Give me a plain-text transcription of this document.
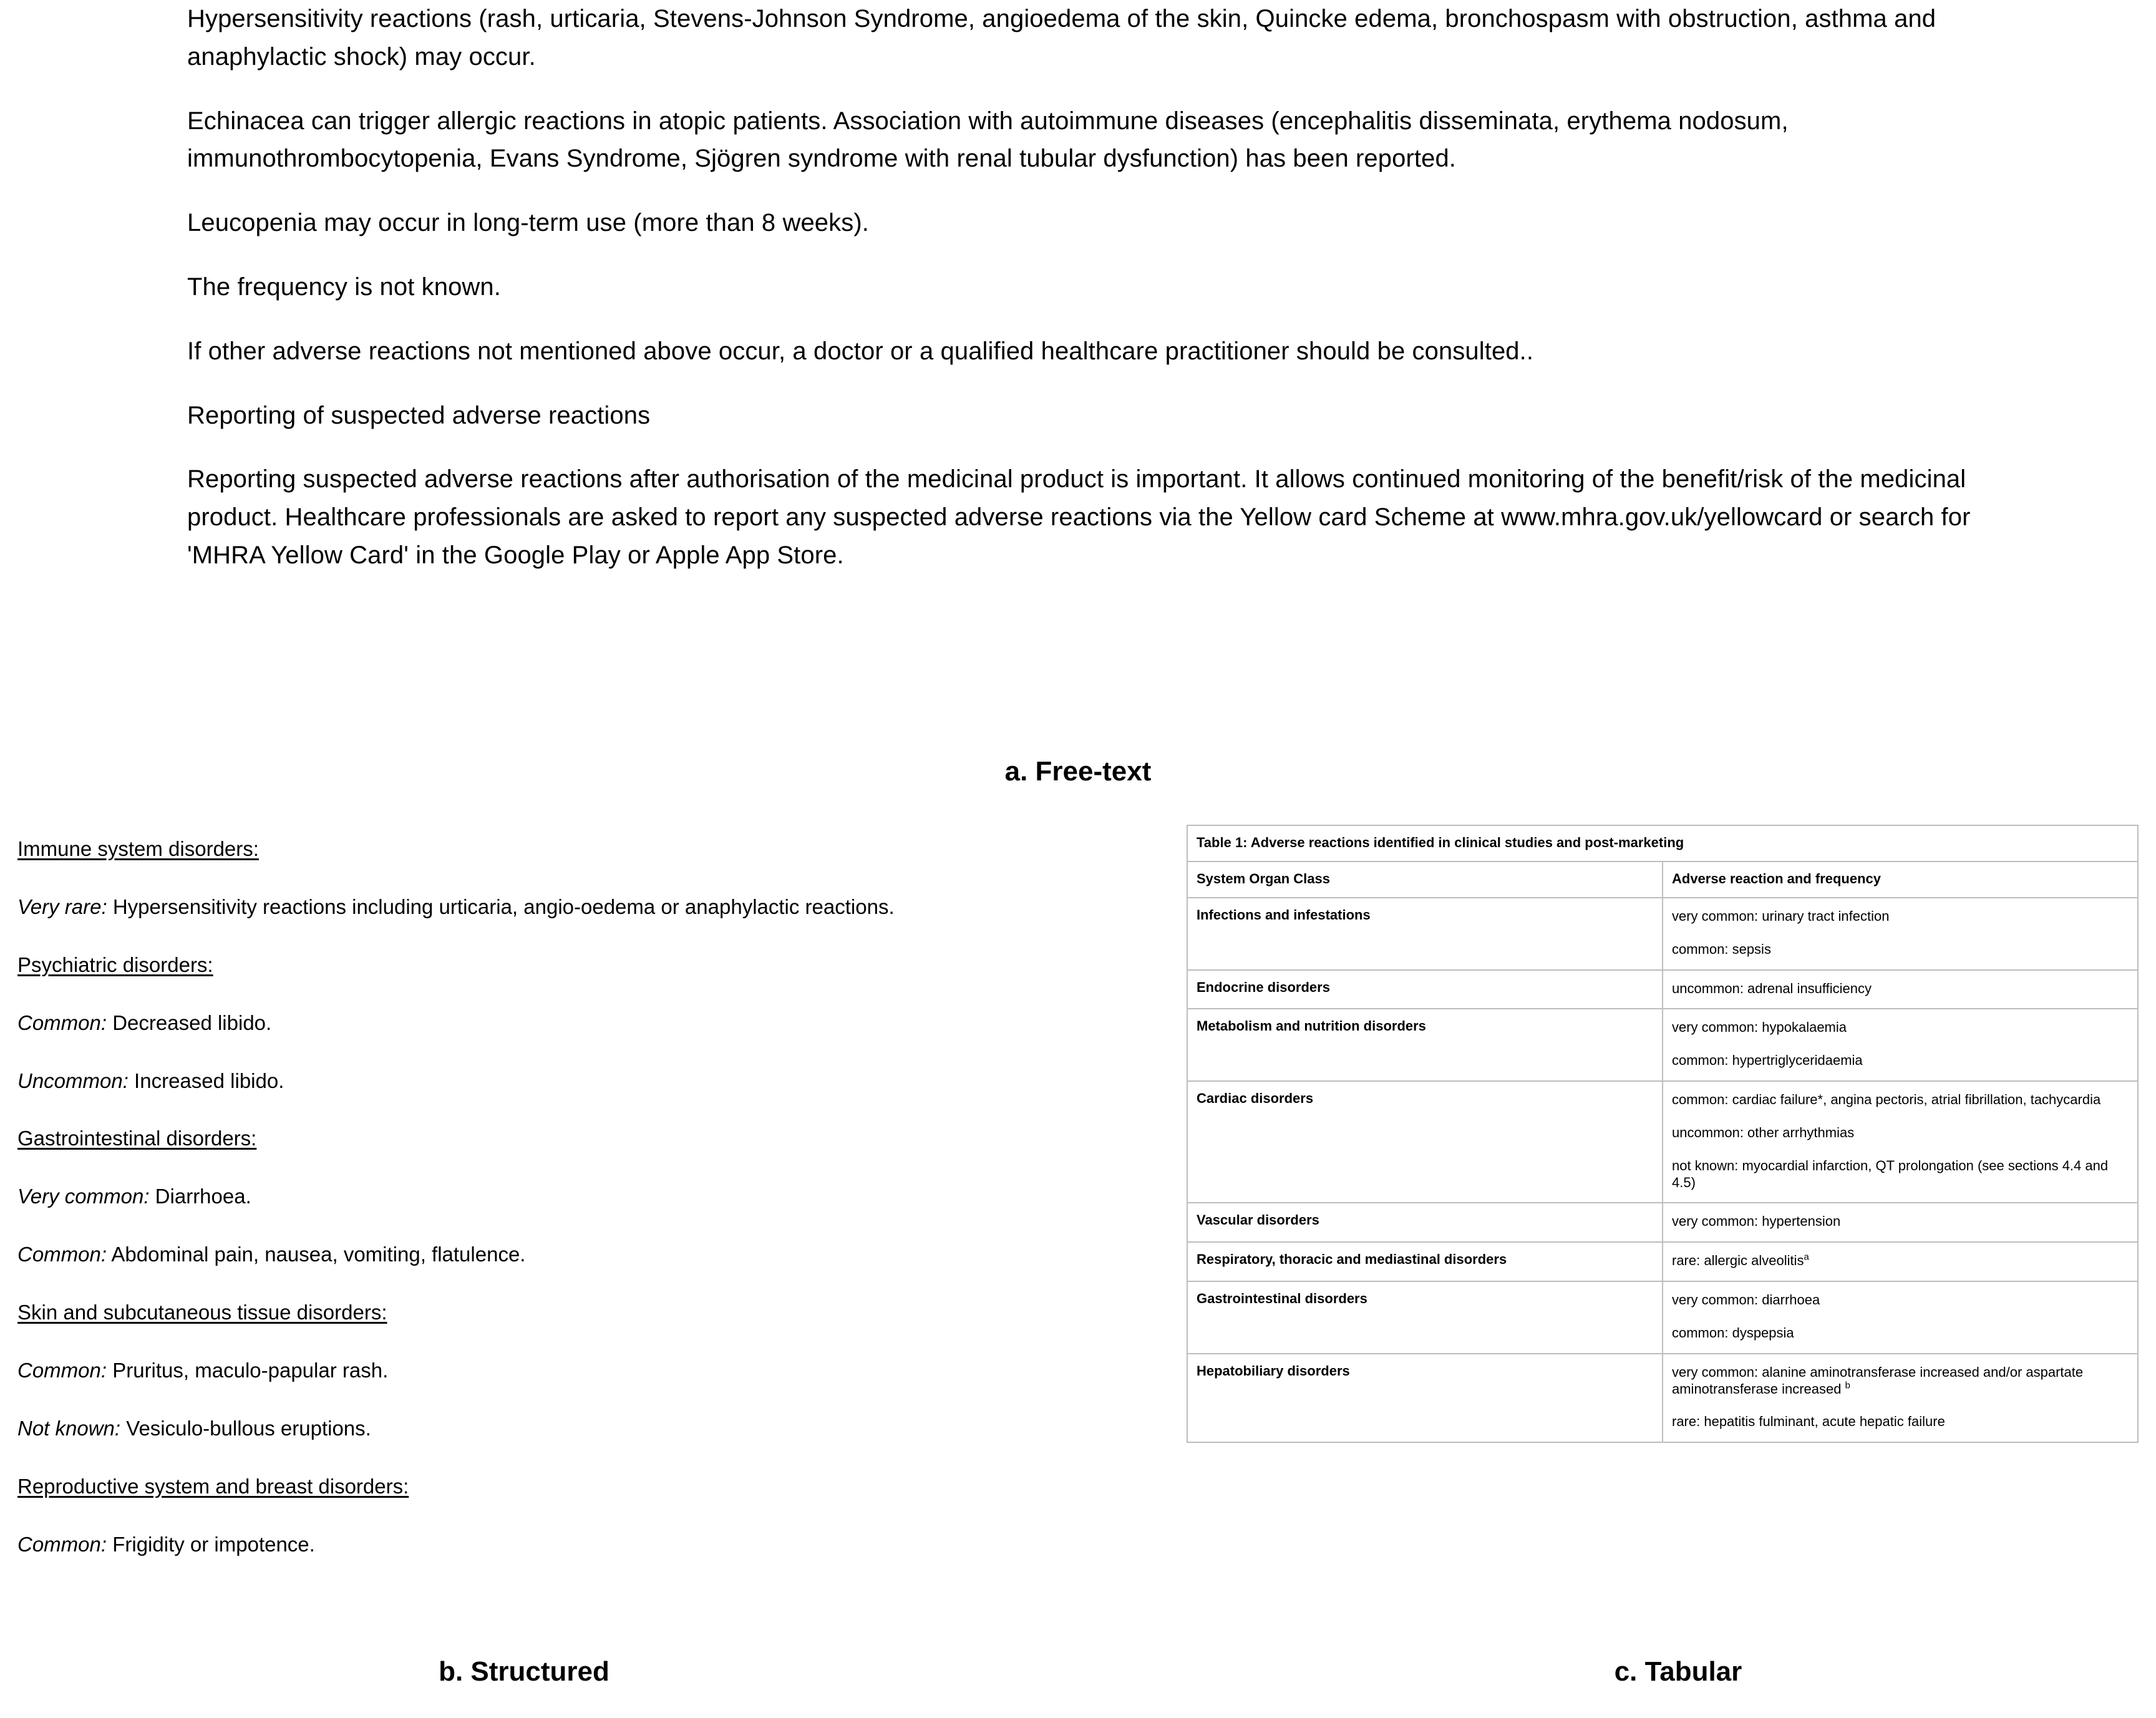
Hypersensitivity reactions (rash, urticaria, Stevens-Johnson Syndrome, angioedema of the skin, Quincke edema, bronchospasm with obstruction, asthma and anaphylactic shock) may occur.

Echinacea can trigger allergic reactions in atopic patients. Association with autoimmune diseases (encephalitis disseminata, erythema nodosum, immunothrombocytopenia, Evans Syndrome, Sjögren syndrome with renal tubular dysfunction) has been reported.

Leucopenia may occur in long-term use (more than 8 weeks).

The frequency is not known.

If other adverse reactions not mentioned above occur, a doctor or a qualified healthcare practitioner should be consulted..

Reporting of suspected adverse reactions

Reporting suspected adverse reactions after authorisation of the medicinal product is important. It allows continued monitoring of the benefit/risk of the medicinal product. Healthcare professionals are asked to report any suspected adverse reactions via the Yellow card Scheme at www.mhra.gov.uk/yellowcard or search for 'MHRA Yellow Card' in the Google Play or Apple App Store.

a. Free-text
Immune system disorders:
Very rare: Hypersensitivity reactions including urticaria, angio-oedema or anaphylactic reactions.
Psychiatric disorders:
Common: Decreased libido.
Uncommon: Increased libido.
Gastrointestinal disorders:
Very common: Diarrhoea.
Common: Abdominal pain, nausea, vomiting, flatulence.
Skin and subcutaneous tissue disorders:
Common: Pruritus, maculo-papular rash.
Not known: Vesiculo-bullous eruptions.
Reproductive system and breast disorders:
Common: Frigidity or impotence.
b. Structured
Table 1: Adverse reactions identified in clinical studies and post-marketing	
System Organ Class	Adverse reaction and frequency
Infections and infestations	very common: urinary tract infection

common: sepsis

Endocrine disorders	uncommon: adrenal insufficiency

Metabolism and nutrition disorders	very common: hypokalaemia

common: hypertriglyceridaemia

Cardiac disorders	common: cardiac failure*, angina pectoris, atrial fibrillation, tachycardia

uncommon: other arrhythmias

not known: myocardial infarction, QT prolongation (see sections 4.4 and 4.5)

Vascular disorders	very common: hypertension

Respiratory, thoracic and mediastinal disorders	rare: allergic alveolitis$^a$

Gastrointestinal disorders	very common: diarrhoea

common: dyspepsia

Hepatobiliary disorders	very common: alanine aminotransferase increased and/or aspartate aminotransferase increased $^b$

rare: hepatitis fulminant, acute hepatic failure

c. Tabular
